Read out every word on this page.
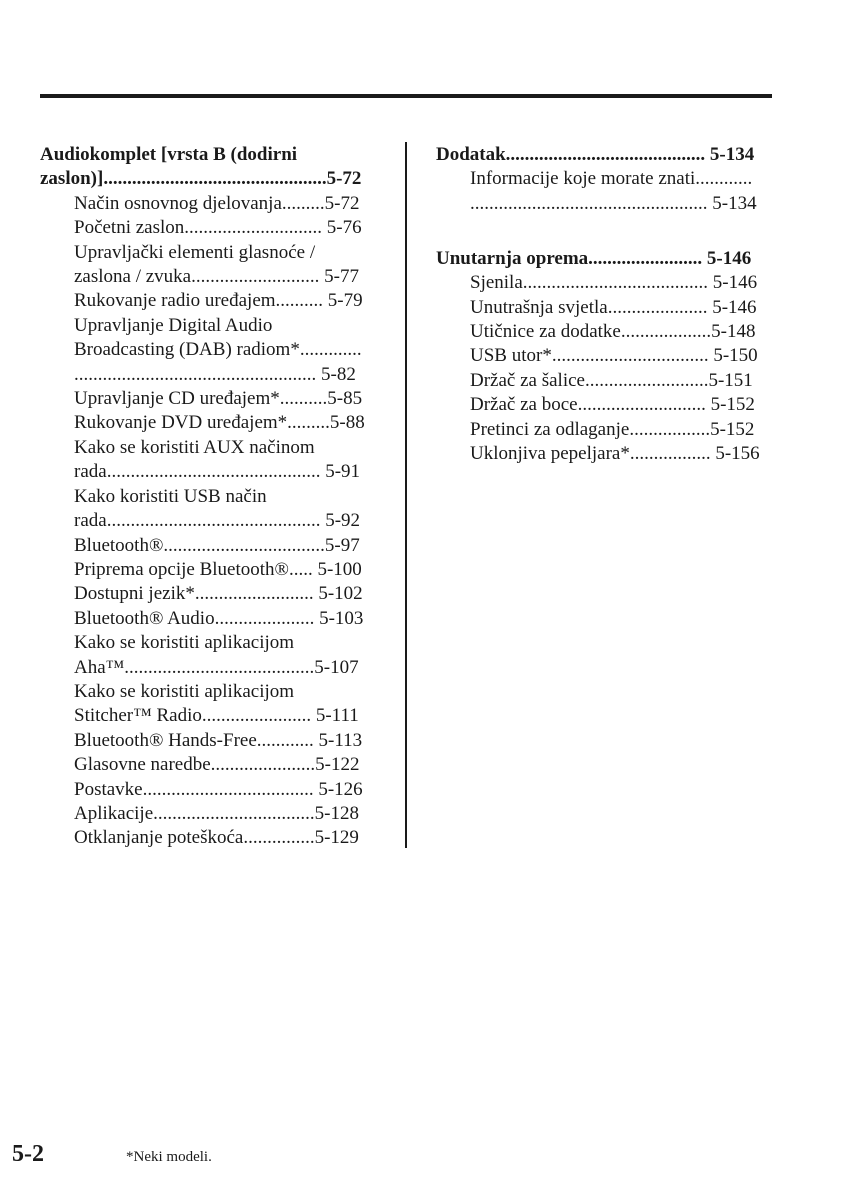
Audiokomplet [vrsta B (dodirni
zaslon)]...............................................5-72
Način osnovnog djelovanja.........5-72
Početni zaslon............................. 5-76
Upravljački elementi glasnoće /
zaslona / zvuka........................... 5-77
Rukovanje radio uređajem.......... 5-79
Upravljanje Digital Audio
Broadcasting (DAB) radiom*.............
................................................... 5-82
Upravljanje CD uređajem*..........5-85
Rukovanje DVD uređajem*.........5-88
Kako se koristiti AUX načinom
rada............................................. 5-91
Kako koristiti USB način
rada............................................. 5-92
Bluetooth®..................................5-97
Priprema opcije Bluetooth®..... 5-100
Dostupni jezik*......................... 5-102
Bluetooth® Audio..................... 5-103
Kako se koristiti aplikacijom
Aha™........................................5-107
Kako se koristiti aplikacijom
Stitcher™ Radio....................... 5-111
Bluetooth® Hands-Free............ 5-113
Glasovne naredbe......................5-122
Postavke.................................... 5-126
Aplikacije..................................5-128
Otklanjanje poteškoća...............5-129
Dodatak.......................................... 5-134
Informacije koje morate znati............
.................................................. 5-134
Unutarnja oprema........................ 5-146
Sjenila....................................... 5-146
Unutrašnja svjetla..................... 5-146
Utičnice za dodatke...................5-148
USB utor*................................. 5-150
Držač za šalice..........................5-151
Držač za boce........................... 5-152
Pretinci za odlaganje.................5-152
Uklonjiva pepeljara*................. 5-156
5-2	*Neki modeli.
